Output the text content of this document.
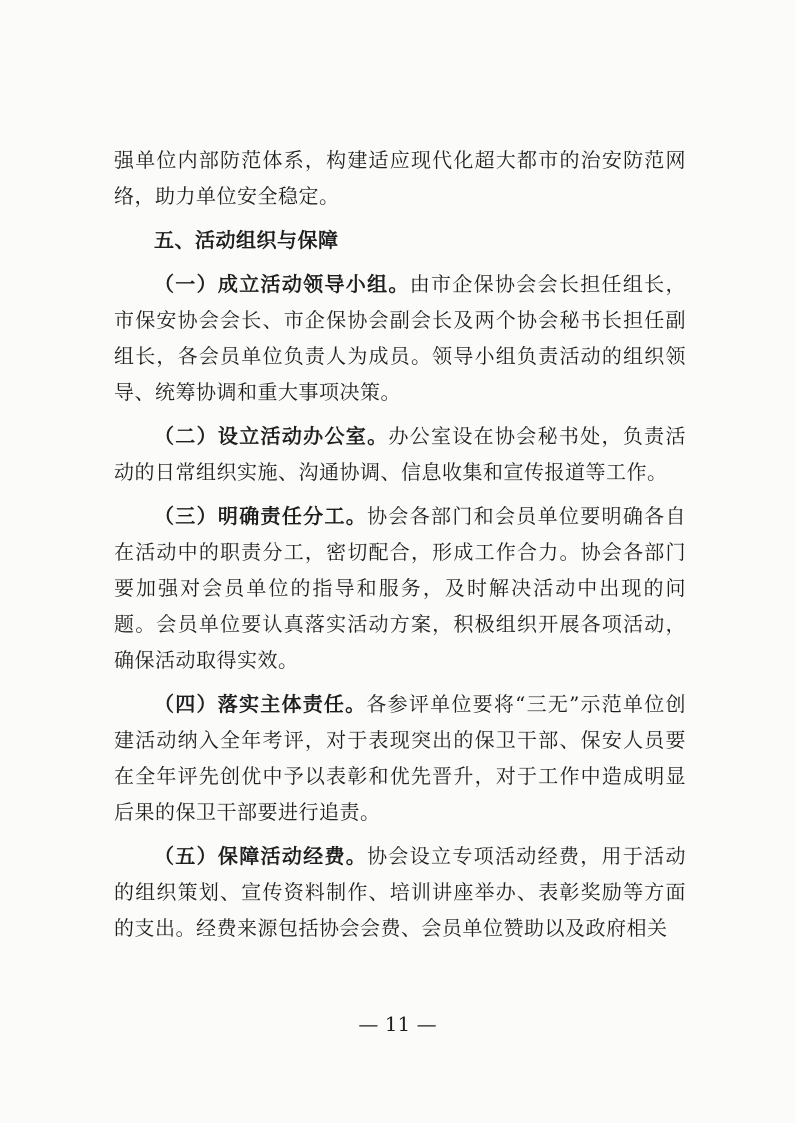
强单位内部防范体系，构建适应现代化超大都市的治安防范网络，助力单位安全稳定。

五、活动组织与保障

（一）成立活动领导小组。由市企保协会会长担任组长，市保安协会会长、市企保协会副会长及两个协会秘书长担任副组长，各会员单位负责人为成员。领导小组负责活动的组织领导、统筹协调和重大事项决策。

（二）设立活动办公室。办公室设在协会秘书处，负责活动的日常组织实施、沟通协调、信息收集和宣传报道等工作。

（三）明确责任分工。协会各部门和会员单位要明确各自在活动中的职责分工，密切配合，形成工作合力。协会各部门要加强对会员单位的指导和服务，及时解决活动中出现的问题。会员单位要认真落实活动方案，积极组织开展各项活动，确保活动取得实效。

（四）落实主体责任。各参评单位要将“三无”示范单位创建活动纳入全年考评，对于表现突出的保卫干部、保安人员要在全年评先创优中予以表彰和优先晋升，对于工作中造成明显后果的保卫干部要进行追责。

（五）保障活动经费。协会设立专项活动经费，用于活动的组织策划、宣传资料制作、培训讲座举办、表彰奖励等方面的支出。经费来源包括协会会费、会员单位赞助以及政府相关

— 11 —
